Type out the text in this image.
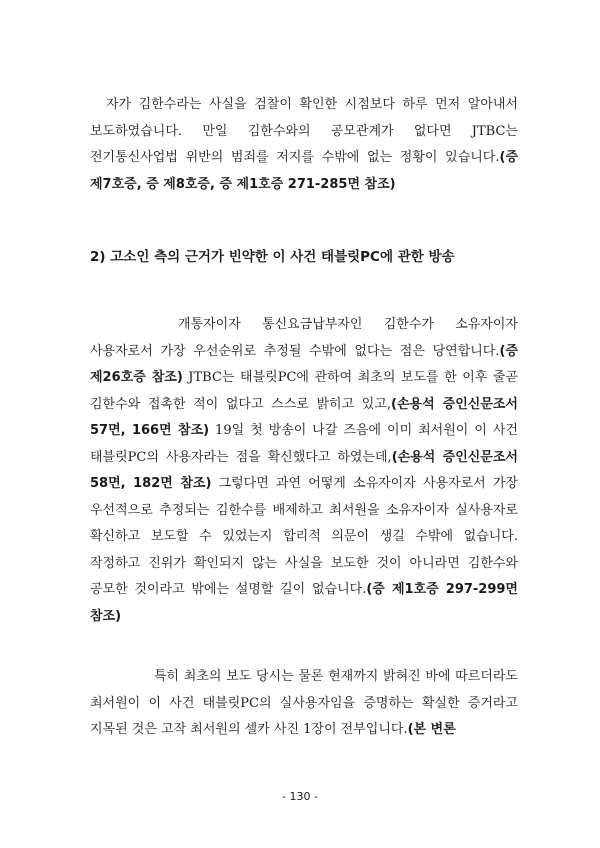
자가 김한수라는 사실을 검찰이 확인한 시점보다 하루 먼저 알아내서 보도하였습니다. 만일 김한수와의 공모관계가 없다면 JTBC는 전기통신사업법 위반의 범죄를 저지를 수밖에 없는 정황이 있습니다.(증 제7호증, 증 제8호증, 증 제1호증 271-285면 참조)

2) 고소인 측의 근거가 빈약한 이 사건 태블릿PC에 관한 방송

개통자이자 통신요금납부자인 김한수가 소유자이자 사용자로서 가장 우선순위로 추정될 수밖에 없다는 점은 당연합니다.(증 제26호증 참조) JTBC는 태블릿PC에 관하여 최초의 보도를 한 이후 줄곧 김한수와 접촉한 적이 없다고 스스로 밝히고 있고,(손용석 증인신문조서 57면, 166면 참조) 19일 첫 방송이 나갈 즈음에 이미 최서원이 이 사건 태블릿PC의 사용자라는 점을 확신했다고 하였는데,(손용석 증인신문조서 58면, 182면 참조) 그렇다면 과연 어떻게 소유자이자 사용자로서 가장 우선적으로 추정되는 김한수를 배제하고 최서원을 소유자이자 실사용자로 확신하고 보도할 수 있었는지 합리적 의문이 생길 수밖에 없습니다. 작정하고 진위가 확인되지 않는 사실을 보도한 것이 아니라면 김한수와 공모한 것이라고 밖에는 설명할 길이 없습니다.(증 제1호증 297-299면 참조)

특히 최초의 보도 당시는 물론 현재까지 밝혀진 바에 따르더라도 최서원이 이 사건 태블릿PC의 실사용자임을 증명하는 확실한 증거라고 지목된 것은 고작 최서원의 셀카 사진 1장이 전부입니다.(본 변론

- 130 -
